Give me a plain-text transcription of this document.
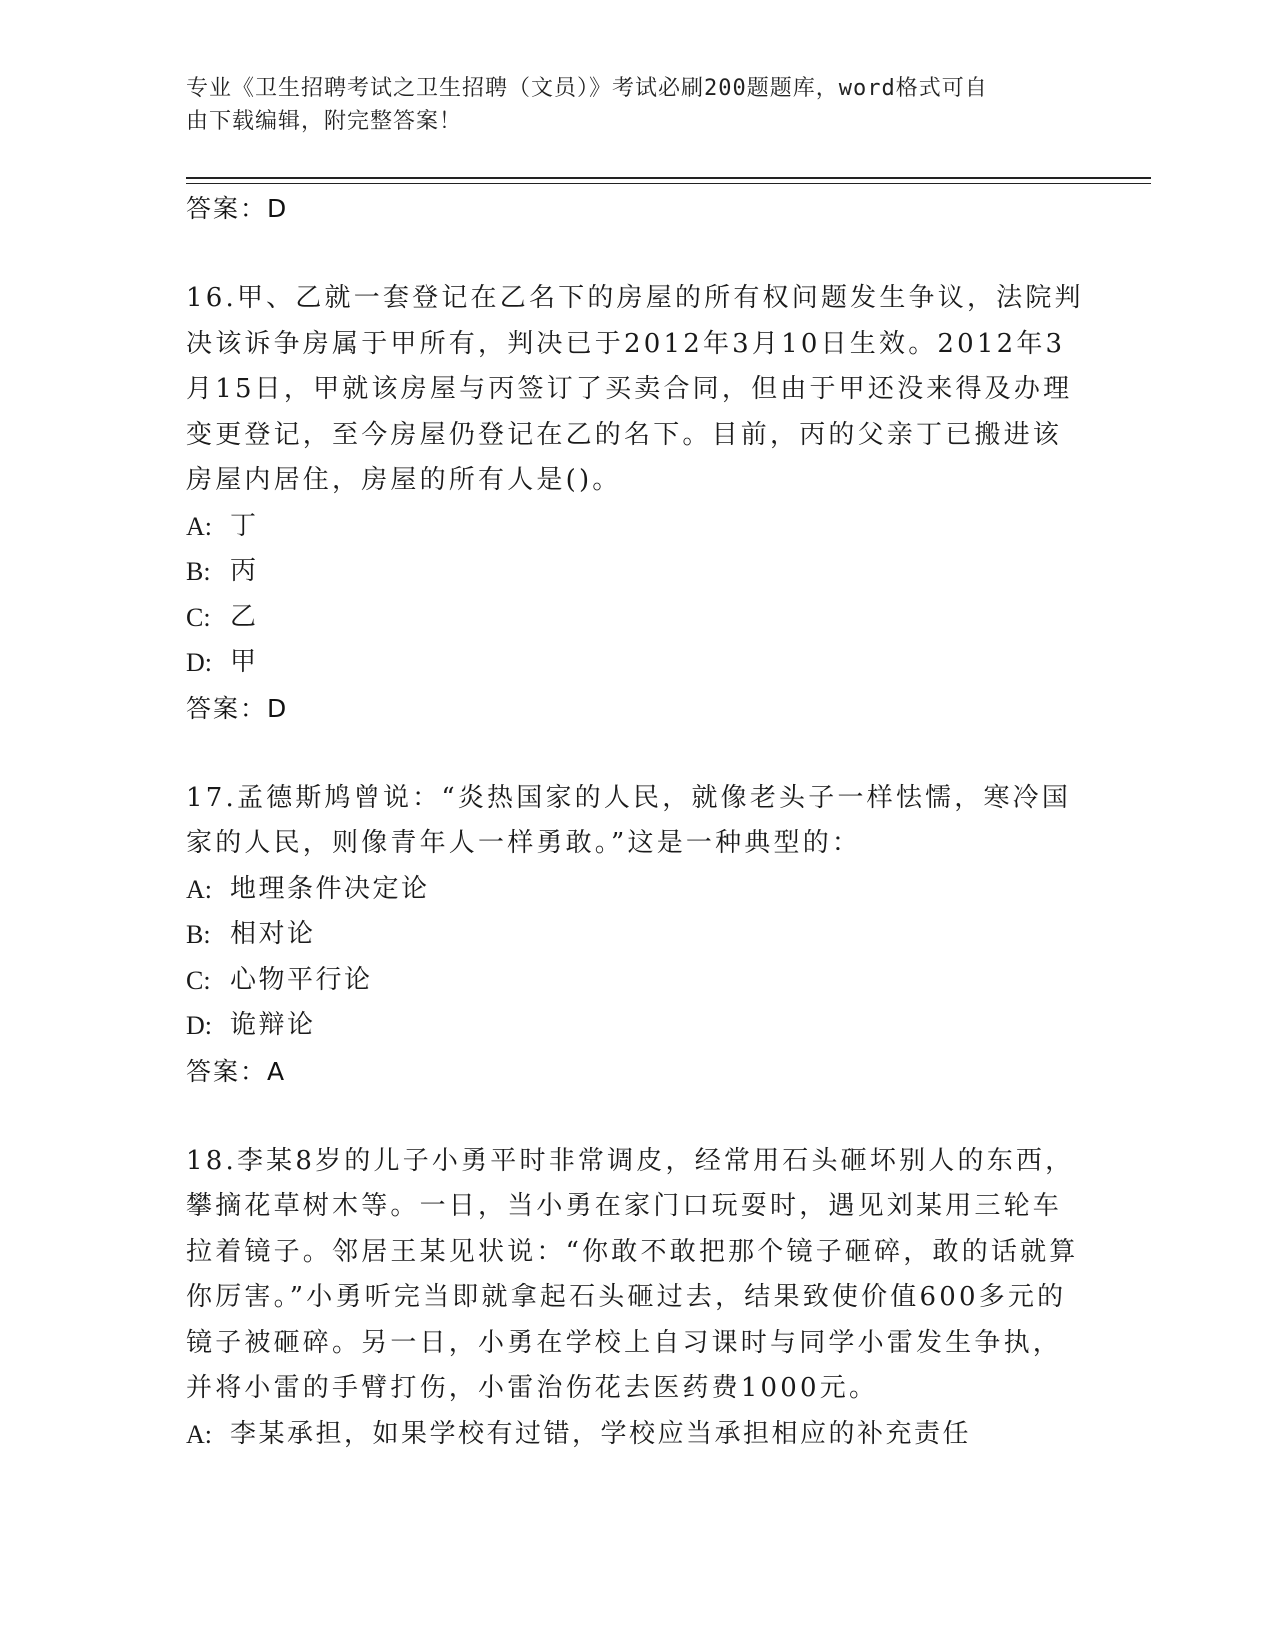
专业《卫生招聘考试之卫生招聘（文员）》考试必刷200题题库，word格式可自
由下载编辑，附完整答案！
答案：D

16.甲、乙就一套登记在乙名下的房屋的所有权问题发生争议，法院判决该诉争房属于甲所有，判决已于2012年3月10日生效。2012年3月15日，甲就该房屋与丙签订了买卖合同，但由于甲还没来得及办理变更登记，至今房屋仍登记在乙的名下。目前，丙的父亲丁已搬进该房屋内居住，房屋的所有人是()。

A: 丁
B: 丙
C: 乙
D: 甲
答案：D

17.孟德斯鸠曾说：“炎热国家的人民，就像老头子一样怯懦，寒冷国家的人民，则像青年人一样勇敢。”这是一种典型的：

A: 地理条件决定论
B: 相对论
C: 心物平行论
D: 诡辩论
答案：A

18.李某8岁的儿子小勇平时非常调皮，经常用石头砸坏别人的东西，攀摘花草树木等。一日，当小勇在家门口玩耍时，遇见刘某用三轮车拉着镜子。邻居王某见状说：“你敢不敢把那个镜子砸碎，敢的话就算你厉害。”小勇听完当即就拿起石头砸过去，结果致使价值600多元的镜子被砸碎。另一日，小勇在学校上自习课时与同学小雷发生争执，并将小雷的手臂打伤，小雷治伤花去医药费1000元。

A: 李某承担，如果学校有过错，学校应当承担相应的补充责任
